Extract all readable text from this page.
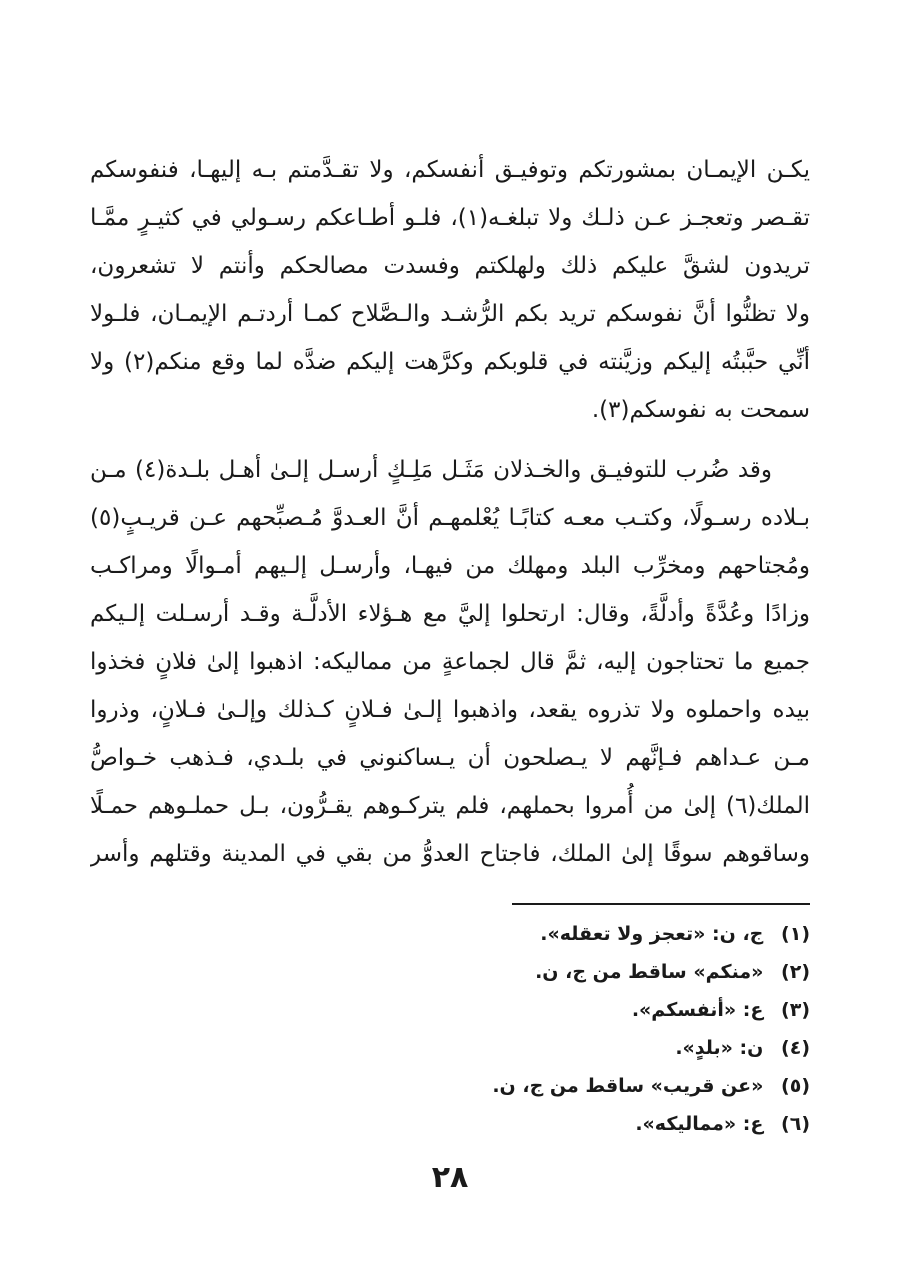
يكـن الإيمـان بمشورتكم وتوفيـق أنفسكم، ولا تقـدَّمتم بـه إليهـا، فنفوسكم
تقـصر وتعجـز عـن ذلـك ولا تبلغـه(١)، فلـو أطـاعكم رسـولي في كثيـرٍ ممَّـا
تريدون لشقَّ عليكم ذلك ولهلكتم وفسدت مصالحكم وأنتم لا تشعرون،
ولا تظنُّوا أنَّ نفوسكم تريد بكم الرُّشـد والـصَّلاح كمـا أردتـم الإيمـان، فلـولا
أنِّي حبَّبتُه إليكم وزيَّنته في قلوبكم وكرَّهت إليكم ضدَّه لما وقع منكم(٢) ولا
سمحت به نفوسكم(٣).
وقد ضُرب للتوفيـق والخـذلان مَثَـل مَلِـكٍ أرسـل إلـىٰ أهـل بلـدة(٤) مـن
بـلاده رسـولًا، وكتـب معـه كتابًـا يُعْلمهـم أنَّ العـدوَّ مُـصبِّحهم عـن قريـبٍ(٥)
ومُجتاحهم ومخرِّب البلد ومهلك من فيهـا، وأرسـل إلـيهم أمـوالًا ومراكـب
وزادًا وعُدَّةً وأدلَّةً، وقال: ارتحلوا إليَّ مع هـؤلاء الأدلَّـة وقـد أرسـلت إلـيكم
جميع ما تحتاجون إليه، ثمَّ قال لجماعةٍ من مماليكه: اذهبوا إلىٰ فلانٍ فخذوا
بيده واحملوه ولا تذروه يقعد، واذهبوا إلـىٰ فـلانٍ كـذلك وإلـىٰ فـلانٍ، وذروا
مـن عـداهم فـإنَّهم لا يـصلحون أن يـساكنوني في بلـدي، فـذهب خـواصُّ
الملك(٦) إلىٰ من أُمروا بحملهم، فلم يتركـوهم يقـرُّون، بـل حملـوهم حمـلًا
وساقوهم سوقًا إلىٰ الملك، فاجتاح العدوُّ من بقي في المدينة وقتلهم وأسر
(١) ج، ن: «تعجز ولا تعقله».
(٢) «منكم» ساقط من ج، ن.
(٣) ع: «أنفسكم».
(٤) ن: «بلدٍ».
(٥) «عن قريب» ساقط من ج، ن.
(٦) ع: «مماليكه».
٢٨
